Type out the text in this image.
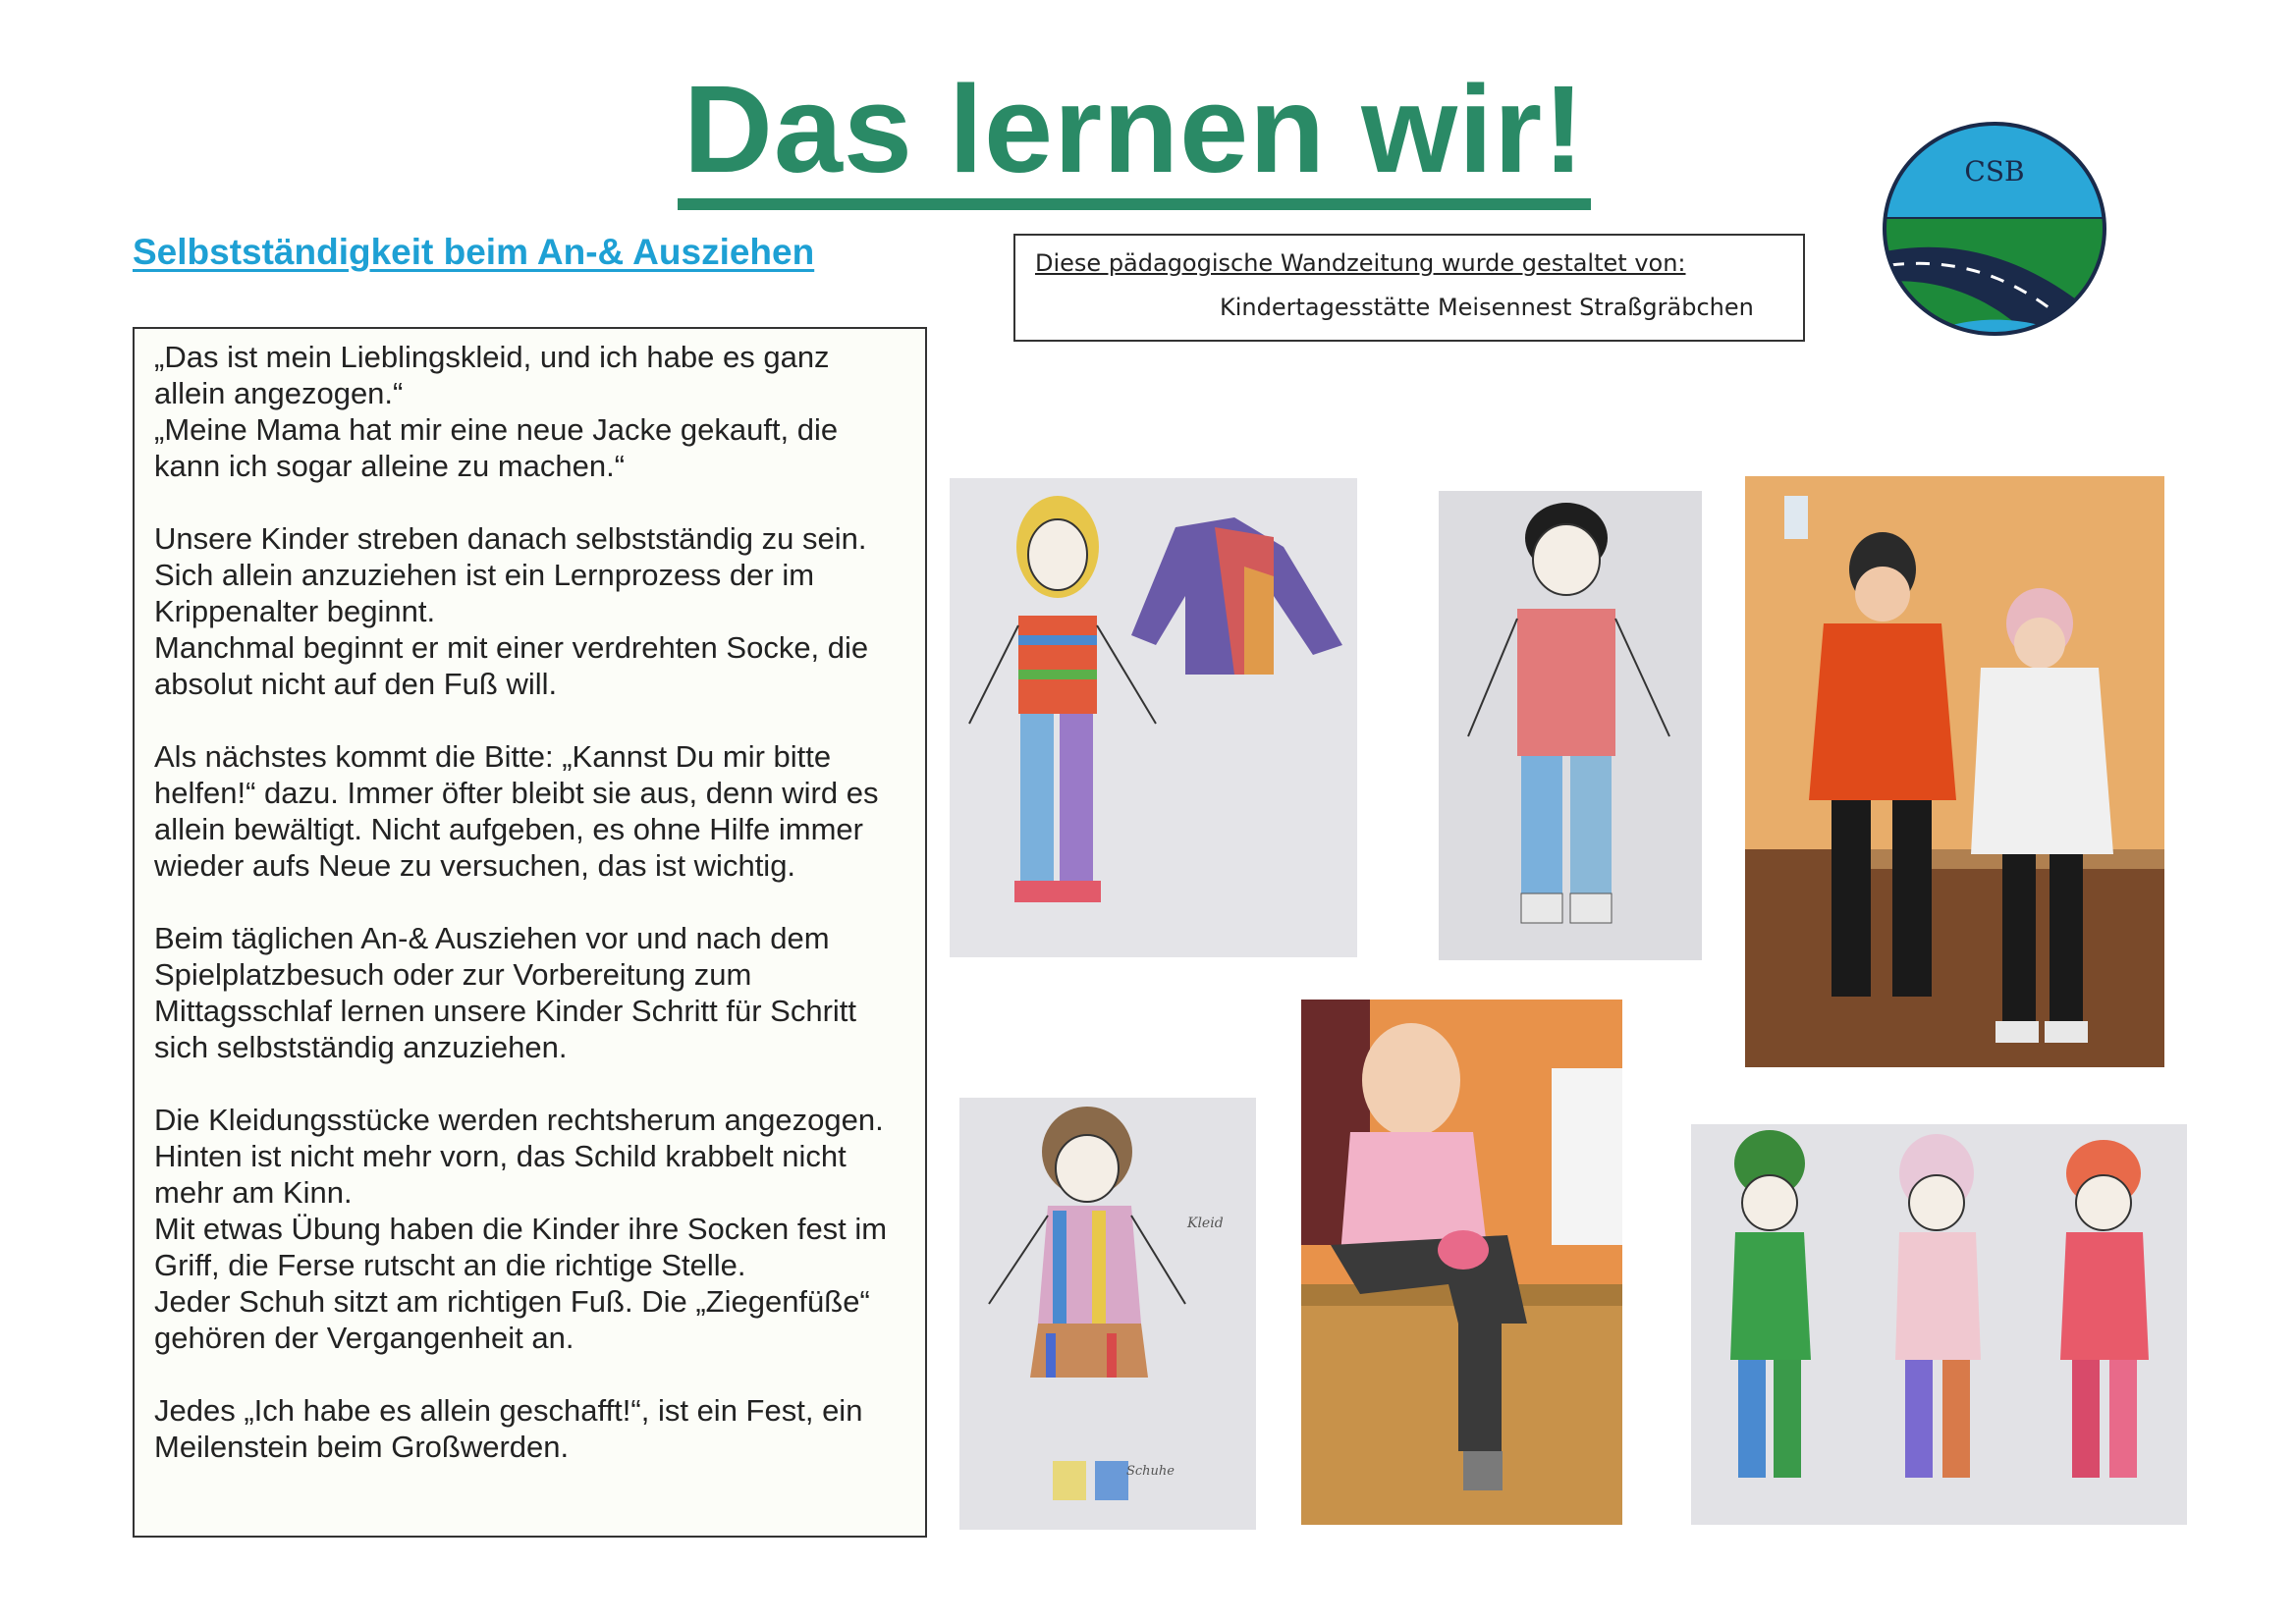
Das lernen wir!
Selbstständigkeit beim An-& Ausziehen	Diese pädagogische Wandzeitung wurde gestaltet von:
Kindertagesstätte Meisennest Straßgräbchen
CSB

„Das ist mein Lieblingskleid, und ich habe es ganz allein angezogen.“
„Meine Mama hat mir eine neue Jacke gekauft, die kann ich sogar alleine zu machen.“

Unsere Kinder streben danach selbstständig zu sein. Sich allein anzuziehen ist ein Lernprozess der im Krippenalter beginnt.
Manchmal beginnt er mit einer verdrehten Socke, die absolut nicht auf den Fuß will.

Als nächstes kommt die Bitte: „Kannst Du mir bitte helfen!“ dazu. Immer öfter bleibt sie aus, denn wird es allein bewältigt. Nicht aufgeben, es ohne Hilfe immer wieder aufs Neue zu versuchen, das ist wichtig.

Beim täglichen An-& Ausziehen vor und nach dem Spielplatzbesuch oder zur Vorbereitung zum Mittagsschlaf lernen unsere Kinder Schritt für Schritt sich selbstständig anzuziehen.

Die Kleidungsstücke werden rechtsherum angezogen. Hinten ist nicht mehr vorn, das Schild krabbelt nicht mehr am Kinn.
Mit etwas Übung haben die Kinder ihre Socken fest im Griff, die Ferse rutscht an die richtige Stelle.
Jeder Schuh sitzt am richtigen Fuß. Die „Ziegenfüße“ gehören der Vergangenheit an.

Jedes „Ich habe es allein geschafft!“, ist ein Fest, ein Meilenstein beim Großwerden.

Kleid
Schuhe
